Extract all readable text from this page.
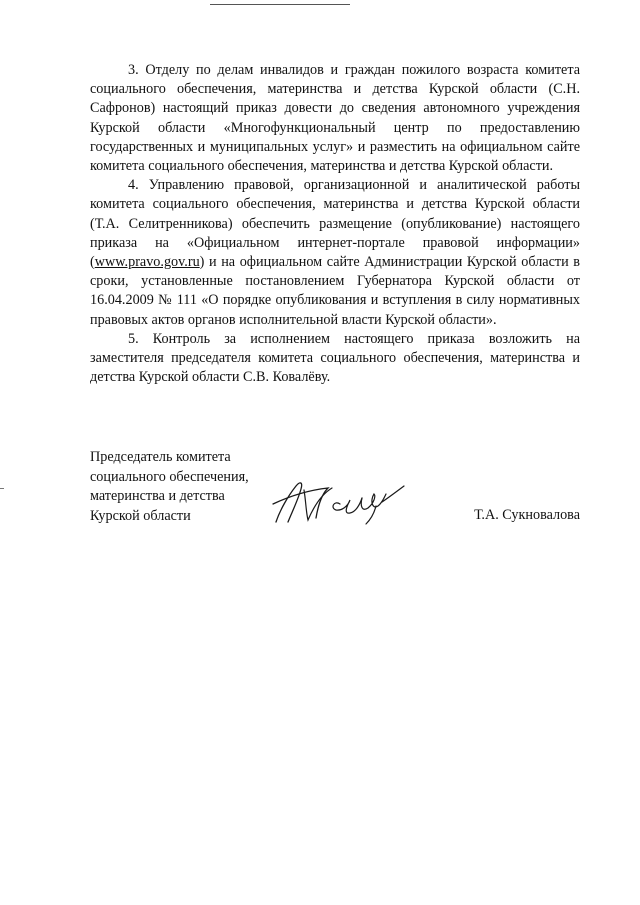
3. Отделу по делам инвалидов и граждан пожилого возраста комитета социального обеспечения, материнства и детства Курской области (С.Н. Сафронов) настоящий приказ довести до сведения автономного учреждения Курской области «Многофункциональный центр по предоставлению государственных и муниципальных услуг» и разместить на официальном сайте комитета социального обеспечения, материнства и детства Курской области.

4. Управлению правовой, организационной и аналитической работы комитета социального обеспечения, материнства и детства Курской области (Т.А. Селитренникова) обеспечить размещение (опубликование) настоящего приказа на «Официальном интернет-портале правовой информации» (www.pravo.gov.ru) и на официальном сайте Администрации Курской области в сроки, установленные постановлением Губернатора Курской области от 16.04.2009 № 111 «О порядке опубликования и вступления в силу нормативных правовых актов органов исполнительной власти Курской области».

5. Контроль за исполнением настоящего приказа возложить на заместителя председателя комитета социального обеспечения, материнства и детства Курской области С.В. Ковалёву.

Председатель комитета
социального обеспечения,
материнства и детства
Курской области	Т.А. Сукновалова
